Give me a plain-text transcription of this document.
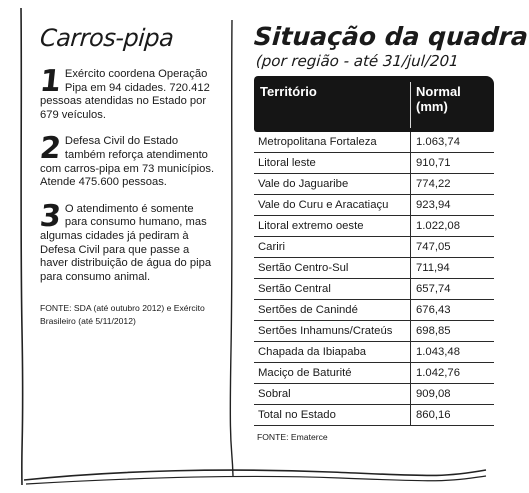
Carros-pipa
1 Exército coordena Operação Pipa em 94 cidades. 720.412 pessoas atendidas no Estado por 679 veículos.
2 Defesa Civil do Estado também reforça atendimento com carros-pipa em 73 municípios. Atende 475.600 pessoas.
3 O atendimento é somente para consumo humano, mas algumas cidades já pediram à Defesa Civil para que passe a haver distribuição de água do pipa para consumo animal.
FONTE: SDA (até outubro 2012) e Exército Brasileiro (até 5/11/2012)
Situação da quadra
(por região - até 31/jul/201
Território	Normal (mm)
Metropolitana Fortaleza	1.063,74
Litoral leste	910,71
Vale do Jaguaribe	774,22
Vale do Curu e Aracatiaçu	923,94
Litoral extremo oeste	1.022,08
Cariri	747,05
Sertão Centro-Sul	711,94
Sertão Central	657,74
Sertões de Canindé	676,43
Sertões Inhamuns/Crateús	698,85
Chapada da Ibiapaba	1.043,48
Maciço de Baturité	1.042,76
Sobral	909,08
Total no Estado	860,16
FONTE: Ematerce
